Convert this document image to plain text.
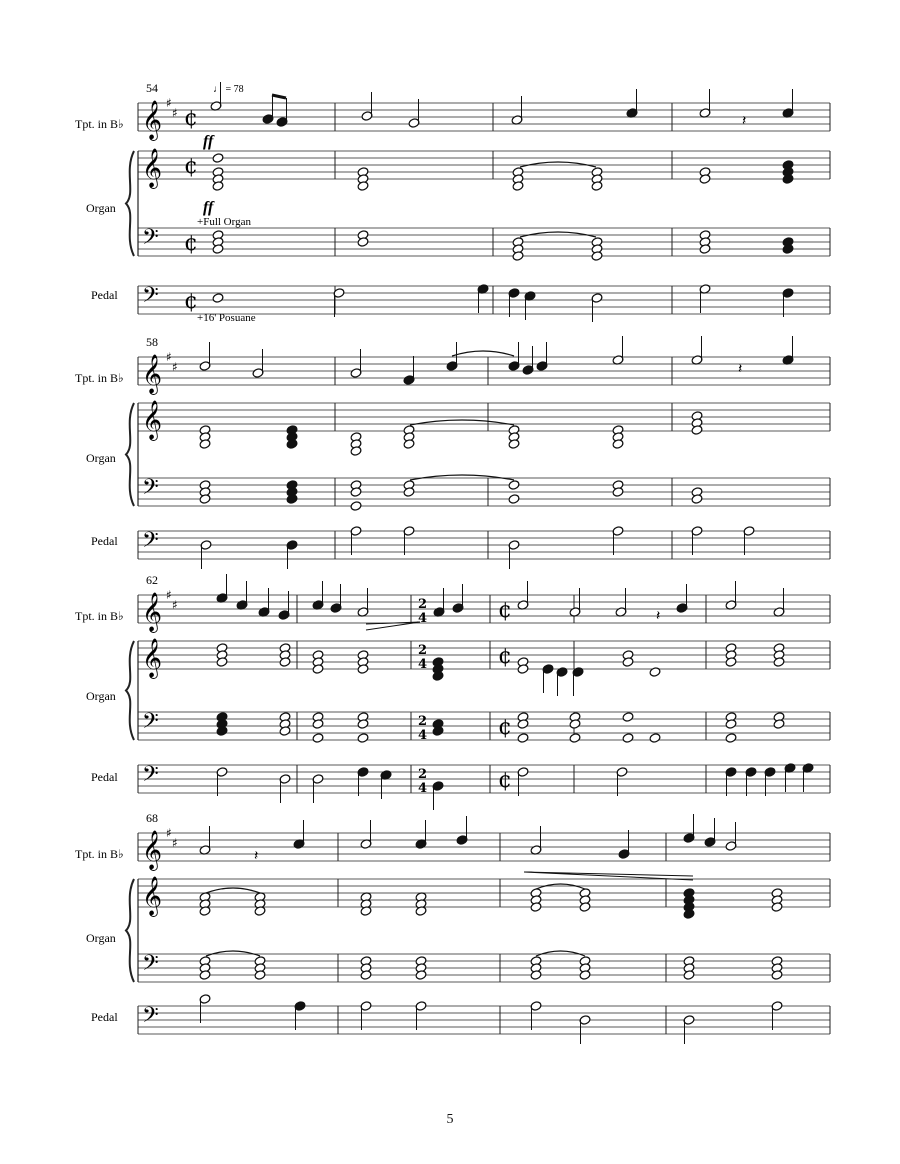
𝄞
𝄞
𝄢
𝄢
♯
♯
𝄞
𝄞
𝄢
𝄢
♯
♯
𝄞
𝄞
𝄢
𝄢
♯
♯
𝄞
𝄞
𝄢
𝄢
♯
♯
¢
¢
¢
¢
2
4	¢
2
4	¢
2
4	¢
2
4	¢
𝄽
𝄽
𝄽
𝄽
54
58
62
68
Tpt. in B♭
Tpt. in B♭
Tpt. in B♭
Tpt. in B♭
Organ
Organ
Organ
Organ
Pedal
Pedal
Pedal
Pedal
♩ = 78
ff
ff
+Full Organ
+16' Posuane
5
